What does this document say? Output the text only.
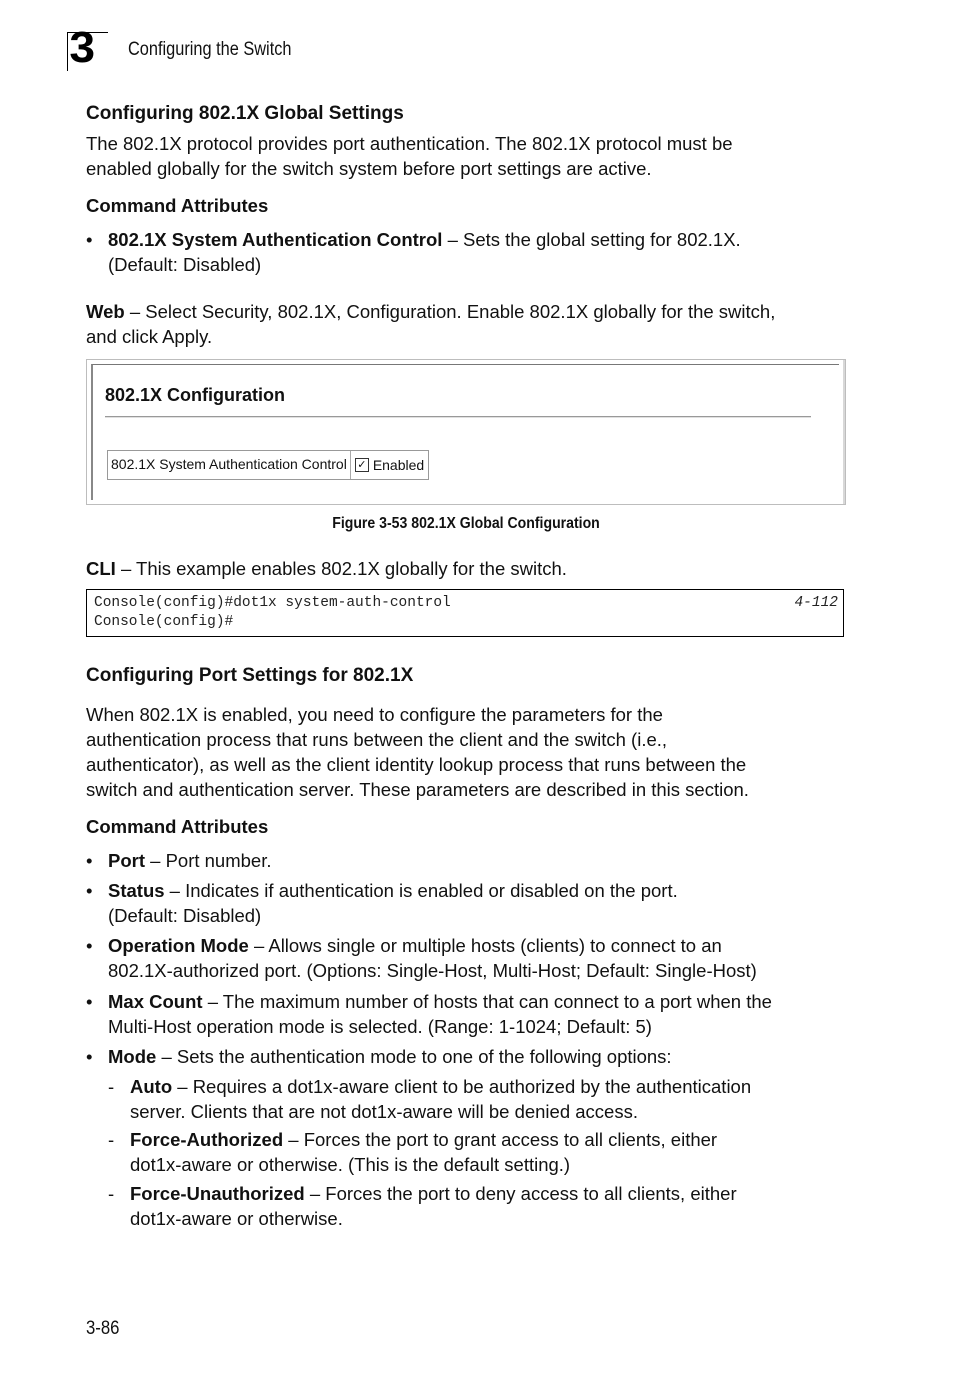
3 Configuring the Switch
Configuring 802.1X Global Settings
The 802.1X protocol provides port authentication. The 802.1X protocol must be
enabled globally for the switch system before port settings are active.
Command Attributes
• 802.1X System Authentication Control – Sets the global setting for 802.1X.
(Default: Disabled)
Web – Select Security, 802.1X, Configuration. Enable 802.1X globally for the switch,
and click Apply.
802.1X Configuration
802.1X System Authentication Control ✓ Enabled
Figure 3-53 802.1X Global Configuration
CLI – This example enables 802.1X globally for the switch.
Console(config)#dot1x system-auth-control
Console(config)#
4-112
Configuring Port Settings for 802.1X
When 802.1X is enabled, you need to configure the parameters for the
authentication process that runs between the client and the switch (i.e.,
authenticator), as well as the client identity lookup process that runs between the
switch and authentication server. These parameters are described in this section.
Command Attributes
• Port – Port number.
• Status – Indicates if authentication is enabled or disabled on the port.
(Default: Disabled)
• Operation Mode – Allows single or multiple hosts (clients) to connect to an
802.1X-authorized port. (Options: Single-Host, Multi-Host; Default: Single-Host)
• Max Count – The maximum number of hosts that can connect to a port when the
Multi-Host operation mode is selected. (Range: 1-1024; Default: 5)
• Mode – Sets the authentication mode to one of the following options:
- Auto – Requires a dot1x-aware client to be authorized by the authentication
server. Clients that are not dot1x-aware will be denied access.
- Force-Authorized – Forces the port to grant access to all clients, either
dot1x-aware or otherwise. (This is the default setting.)
- Force-Unauthorized – Forces the port to deny access to all clients, either
dot1x-aware or otherwise.
3-86
